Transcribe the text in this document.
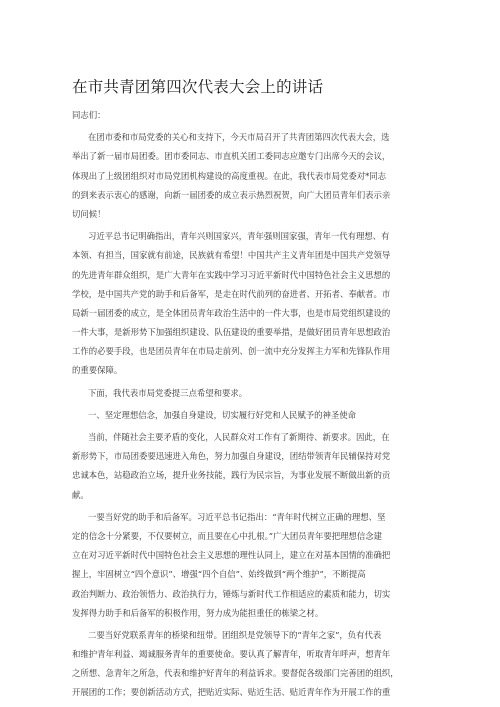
在市共青团第四次代表大会上的讲话
同志们：
在团市委和市局党委的关心和支持下，今天市局召开了共青团第四次代表大会，选
举出了新一届市局团委。团市委同志、市直机关团工委同志应邀专门出席今天的会议，
体现出了上级团组织对市局党团机构建设的高度重视。在此，我代表市局党委对*同志
的到来表示衷心的感谢，向新一届团委的成立表示热烈祝贺，向广大团员青年们表示亲
切问候！
习近平总书记明确指出，青年兴则国家兴，青年强则国家强，青年一代有理想、有
本领、有担当，国家就有前途，民族就有希望！中国共产主义青年团是中国共产党领导
的先进青年群众组织，是广大青年在实践中学习习近平新时代中国特色社会主义思想的
学校，是中国共产党的助手和后备军，是走在时代前列的奋进者、开拓者、奉献者。市
局新一届团委的成立，是全体团员青年政治生活中的一件大事，也是市局党组织建设的
一件大事，是新形势下加强组织建设、队伍建设的重要举措，是做好团员青年思想政治
工作的必要手段，也是团员青年在市局走前列、创一流中充分发挥主力军和先锋队作用
的重要保障。
下面，我代表市局党委提三点希望和要求。
一、坚定理想信念，加强自身建设，切实履行好党和人民赋予的神圣使命
当前，伴随社会主要矛盾的变化，人民群众对工作有了新期待、新要求。因此，在
新形势下，市局团委要迅速进入角色，努力加强自身建设，团结带领青年民辅保持对党
忠诚本色，站稳政治立场，提升业务技能，践行为民宗旨，为事业发展不断做出新的贡
献。
一要当好党的助手和后备军。习近平总书记指出：“青年时代树立正确的理想、坚
定的信念十分紧要，不仅要树立，而且要在心中扎根。”广大团员青年要把理想信念建
立在对习近平新时代中国特色社会主义思想的理性认同上，建立在对基本国情的准确把
握上，牢固树立“四个意识”、增强“四个自信”、始终做到“两个维护”，不断提高
政治判断力、政治领悟力、政治执行力，锤炼与新时代工作相适应的素质和能力，切实
发挥得力助手和后备军的积极作用，努力成为能担重任的栋梁之材。
二要当好党联系青年的桥梁和纽带。团组织是党领导下的“青年之家”，负有代表
和维护青年利益、竭诚服务青年的重要使命。要认真了解青年，听取青年呼声，想青年
之所想、急青年之所急，代表和维护好青年的利益诉求。要督促各级部门完善团的组织，
开展团的工作；要创新活动方式，把贴近实际、贴近生活、贴近青年作为开展工作的重
